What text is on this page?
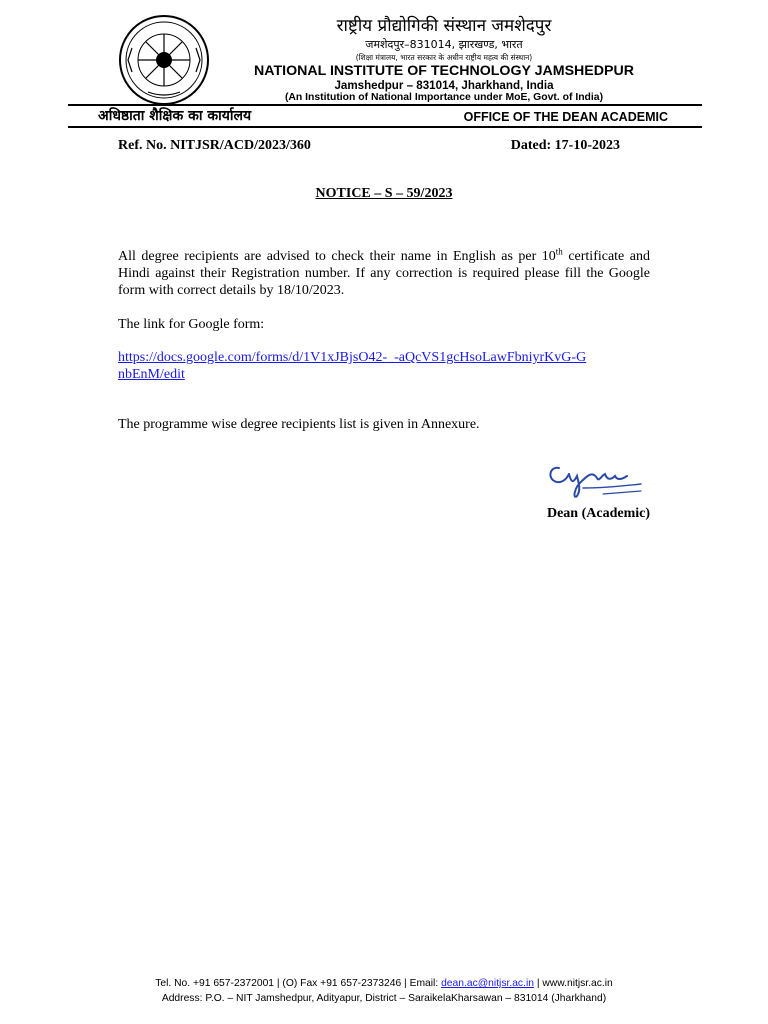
राष्ट्रीय प्रौद्योगिकी संस्थान जमशेदपुर
जमशेदपुर–831014, झारखण्ड, भारत
(शिक्षा मंत्रालय, भारत सरकार के अधीन राष्ट्रीय महत्व की संस्थान)
NATIONAL INSTITUTE OF TECHNOLOGY JAMSHEDPUR
Jamshedpur – 831014, Jharkhand, India
(An Institution of National Importance under MoE, Govt. of India)
अधिष्ठाता शैक्षिक का कार्यालय	OFFICE OF THE DEAN ACADEMIC
Ref. No. NITJSR/ACD/2023/360	Dated: 17-10-2023
NOTICE – S – 59/2023
All degree recipients are advised to check their name in English as per 10th certificate and Hindi against their Registration number. If any correction is required please fill the Google form with correct details by 18/10/2023.
The link for Google form:
https://docs.google.com/forms/d/1V1xJBjsO42-_-aQcVS1gcHsoLawFbniyrKvG-GnbEnM/edit
The programme wise degree recipients list is given in Annexure.
Dean (Academic)
Tel. No. +91 657-2372001 | (O) Fax +91 657-2373246 | Email: dean.ac@nitjsr.ac.in | www.nitjsr.ac.in
Address: P.O. – NIT Jamshedpur, Adityapur, District – SaraikelaKharsawan – 831014 (Jharkhand)
